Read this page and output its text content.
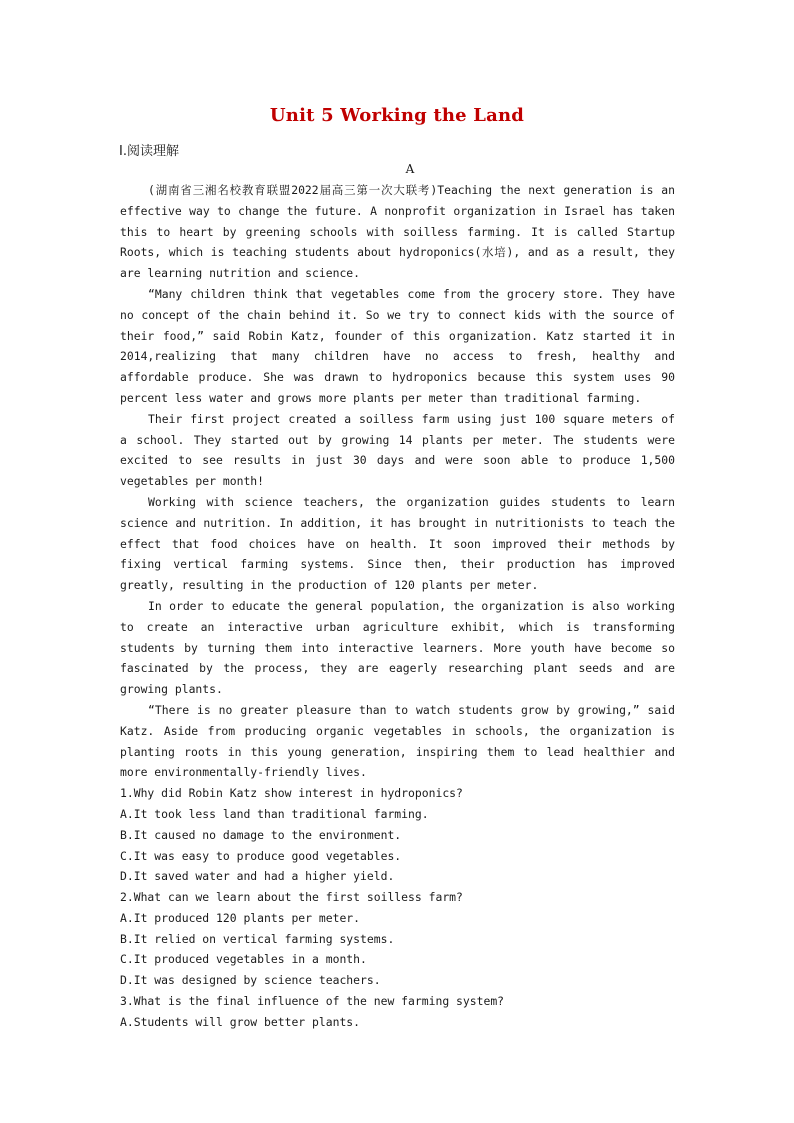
Unit 5 Working the Land
Ⅰ.阅读理解
A

(湖南省三湘名校教育联盟2022届高三第一次大联考)Teaching the next generation is an effective way to change the future. A nonprofit organization in Israel has taken this to heart by greening schools with soilless farming. It is called Startup Roots, which is teaching students about hydroponics(水培), and as a result, they are learning nutrition and science.

“Many children think that vegetables come from the grocery store. They have no concept of the chain behind it. So we try to connect kids with the source of their food,” said Robin Katz, founder of this organization. Katz started it in 2014,realizing that many children have no access to fresh, healthy and affordable produce. She was drawn to hydroponics because this system uses 90 percent less water and grows more plants per meter than traditional farming.

Their first project created a soilless farm using just 100 square meters of a school. They started out by growing 14 plants per meter. The students were excited to see results in just 30 days and were soon able to produce 1,500 vegetables per month!

Working with science teachers, the organization guides students to learn science and nutrition. In addition, it has brought in nutritionists to teach the effect that food choices have on health. It soon improved their methods by fixing vertical farming systems. Since then, their production has improved greatly, resulting in the production of 120 plants per meter.

In order to educate the general population, the organization is also working to create an interactive urban agriculture exhibit, which is transforming students by turning them into interactive learners. More youth have become so fascinated by the process, they are eagerly researching plant seeds and are growing plants.

“There is no greater pleasure than to watch students grow by growing,” said Katz. Aside from producing organic vegetables in schools, the organization is planting roots in this young generation, inspiring them to lead healthier and more environmentally-friendly lives.

1.Why did Robin Katz show interest in hydroponics?

A.It took less land than traditional farming.

B.It caused no damage to the environment.

C.It was easy to produce good vegetables.

D.It saved water and had a higher yield.

2.What can we learn about the first soilless farm?

A.It produced 120 plants per meter.

B.It relied on vertical farming systems.

C.It produced vegetables in a month.

D.It was designed by science teachers.

3.What is the final influence of the new farming system?

A.Students will grow better plants.
